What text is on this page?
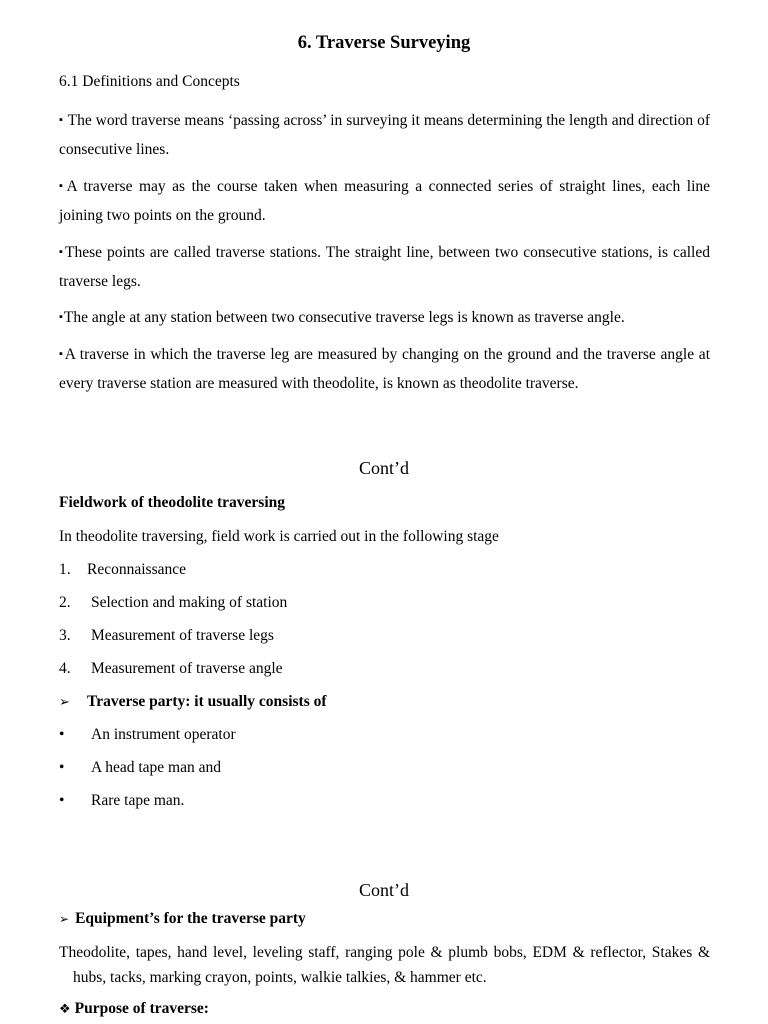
6. Traverse Surveying
6.1 Definitions and Concepts
▪ The word traverse means ‘passing across’ in surveying it means determining the length and direction of consecutive lines.
▪A traverse may as the course taken when measuring a connected series of straight lines, each line joining two points on the ground.
▪These points are called traverse stations. The straight line, between two consecutive stations, is called traverse legs.
▪The angle at any station between two consecutive traverse legs is known as traverse angle.
▪A traverse in which the traverse leg are measured by changing on the ground and the traverse angle at every traverse station are measured with theodolite, is known as theodolite traverse.
Cont’d
Fieldwork of theodolite traversing
In theodolite traversing, field work is carried out in the following stage
1. Reconnaissance
2. Selection and making of station
3. Measurement of traverse legs
4. Measurement of traverse angle
➢ Traverse party: it usually consists of
• An instrument operator
• A head tape man and
• Rare tape man.
Cont’d
➢ Equipment’s for the traverse party
Theodolite, tapes, hand level, leveling staff, ranging pole & plumb bobs, EDM & reflector, Stakes &
hubs, tacks, marking crayon, points, walkie talkies, & hammer etc.
❖ Purpose of traverse:
